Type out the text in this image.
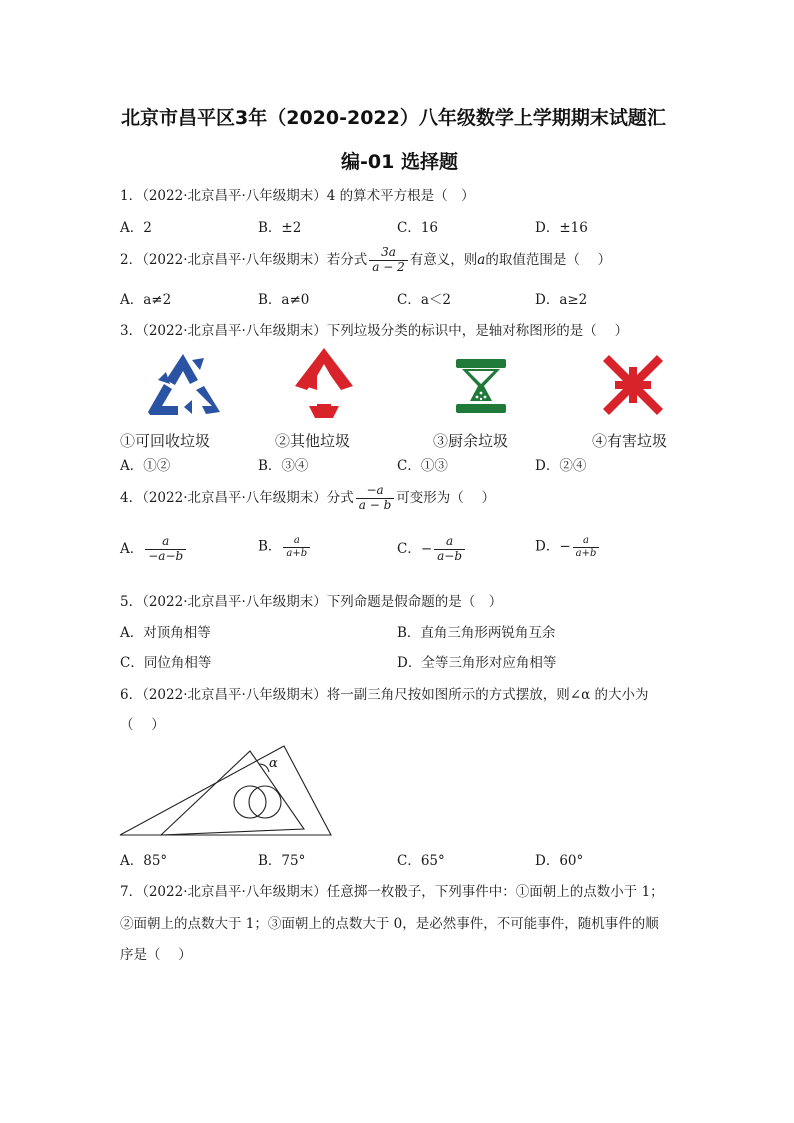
北京市昌平区3年（2020-2022）八年级数学上学期期末试题汇
编-01 选择题
1．（2022·北京昌平·八年级期末）4 的算术平方根是（　）
A．2	B．±2	C．16	D．±16
2．（2022·北京昌平·八年级期末）若分式 $\frac{3a}{a - 2}$ 有意义，则a的取值范围是（　 ）
A．a≠2	B．a≠0	C．a＜2	D．a≥2
3．（2022·北京昌平·八年级期末）下列垃圾分类的标识中，是轴对称图形的是（　 ）
①可回收垃圾	②其他垃圾	③厨余垃圾	④有害垃圾
A．①②	B．③④	C．①③	D．②④
4．（2022·北京昌平·八年级期末）分式 $\frac{-a}{a - b}$ 可变形为（　 ）
A． $\frac{a}{-a-b}$	B． $\frac{a}{a+b}$	C．− $\frac{a}{a-b}$	D．− $\frac{a}{a+b}$
5．（2022·北京昌平·八年级期末）下列命题是假命题的是（　）
A．对顶角相等	B．直角三角形两锐角互余
C．同位角相等	D．全等三角形对应角相等
6．（2022·北京昌平·八年级期末）将一副三角尺按如图所示的方式摆放，则∠α 的大小为
（　 ）
α
A．85°	B．75°	C．65°	D．60°
7．（2022·北京昌平·八年级期末）任意掷一枚骰子，下列事件中：①面朝上的点数小于 1；
②面朝上的点数大于 1；③面朝上的点数大于 0，是必然事件，不可能事件，随机事件的顺
序是（　 ）
